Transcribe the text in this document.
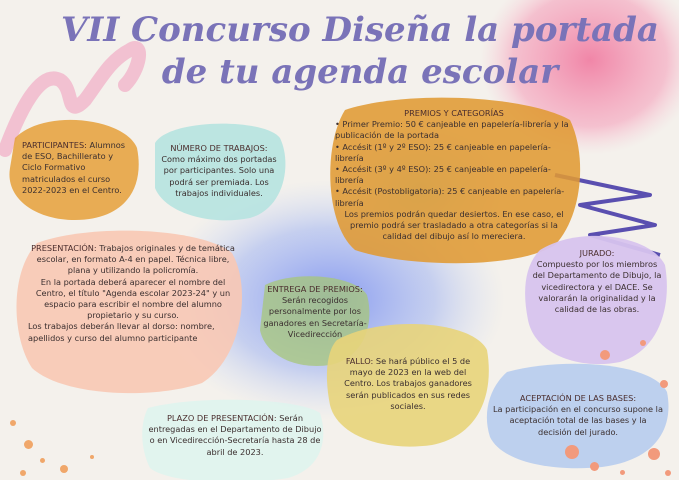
VII Concurso Diseña la portada
de tu agenda escolar
PARTICIPANTES: Alumnos de ESO, Bachillerato y Ciclo Formativo matriculados el curso 2022-2023 en el Centro.

NÚMERO DE TRABAJOS:

Como máximo dos portadas por participantes. Solo una podrá ser premiada. Los trabajos individuales.

PREMIOS Y CATEGORÍAS

• Primer Premio: 50 € canjeable en papelería-librería y la publicación de la portada

• Accésit (1º y 2º ESO): 25 € canjeable en papelería-librería

• Accésit (3º y 4º ESO): 25 € canjeable en papelería-librería

• Accésit (Postobligatoria): 25 € canjeable en papelería-librería

Los premios podrán quedar desiertos. En ese caso, el premio podrá ser trasladado a otra categorías si la calidad del dibujo así lo mereciera.

PRESENTACIÓN: Trabajos originales y de temática escolar, en formato A-4 en papel. Técnica libre, plana y utilizando la policromía.

En la portada deberá aparecer el nombre del Centro, el título "Agenda escolar 2023-24" y un espacio para escribir el nombre del alumno propietario y su curso.

Los trabajos deberán llevar al dorso: nombre, apellidos y curso del alumno participante

ENTREGA DE PREMIOS:

Serán recogidos personalmente por los ganadores en Secretaría-Vicedirección

JURADO:

Compuesto por los miembros del Departamento de Dibujo, la vicedirectora y el DACE. Se valorarán la originalidad y la calidad de las obras.

FALLO: Se hará público el 5 de mayo de 2023 en la web del Centro. Los trabajos ganadores serán publicados en sus redes sociales.
PLAZO DE PRESENTACIÓN: Serán entregadas en el Departamento de Dibujo o en Vicedirección-Secretaría hasta 28 de abril de 2023.

ACEPTACIÓN DE LAS BASES:

La participación en el concurso supone la aceptación total de las bases y la decisión del jurado.
